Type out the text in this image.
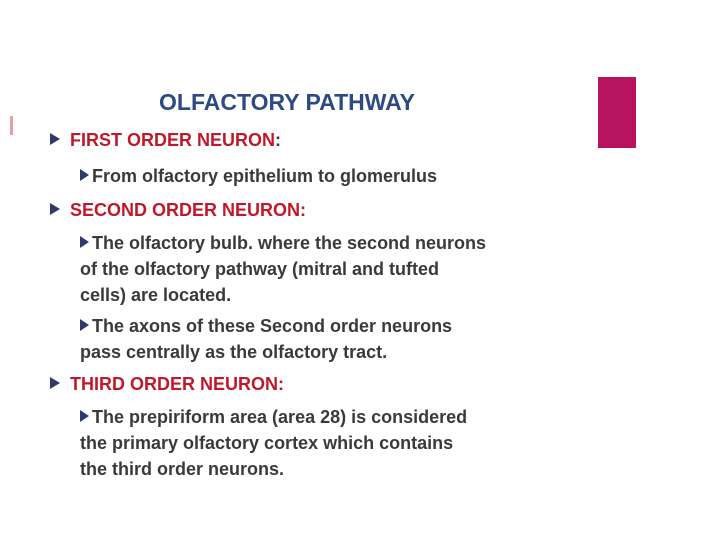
OLFACTORY PATHWAY

FIRST ORDER NEURON:

From olfactory epithelium to glomerulus

SECOND ORDER NEURON:

The olfactory bulb. where the second neurons

of the olfactory pathway (mitral and tufted

cells) are located.

The axons of these Second order neurons

pass centrally as the olfactory tract.

THIRD ORDER NEURON:

The prepiriform area (area 28) is considered

the primary olfactory cortex which contains

the third order neurons.
